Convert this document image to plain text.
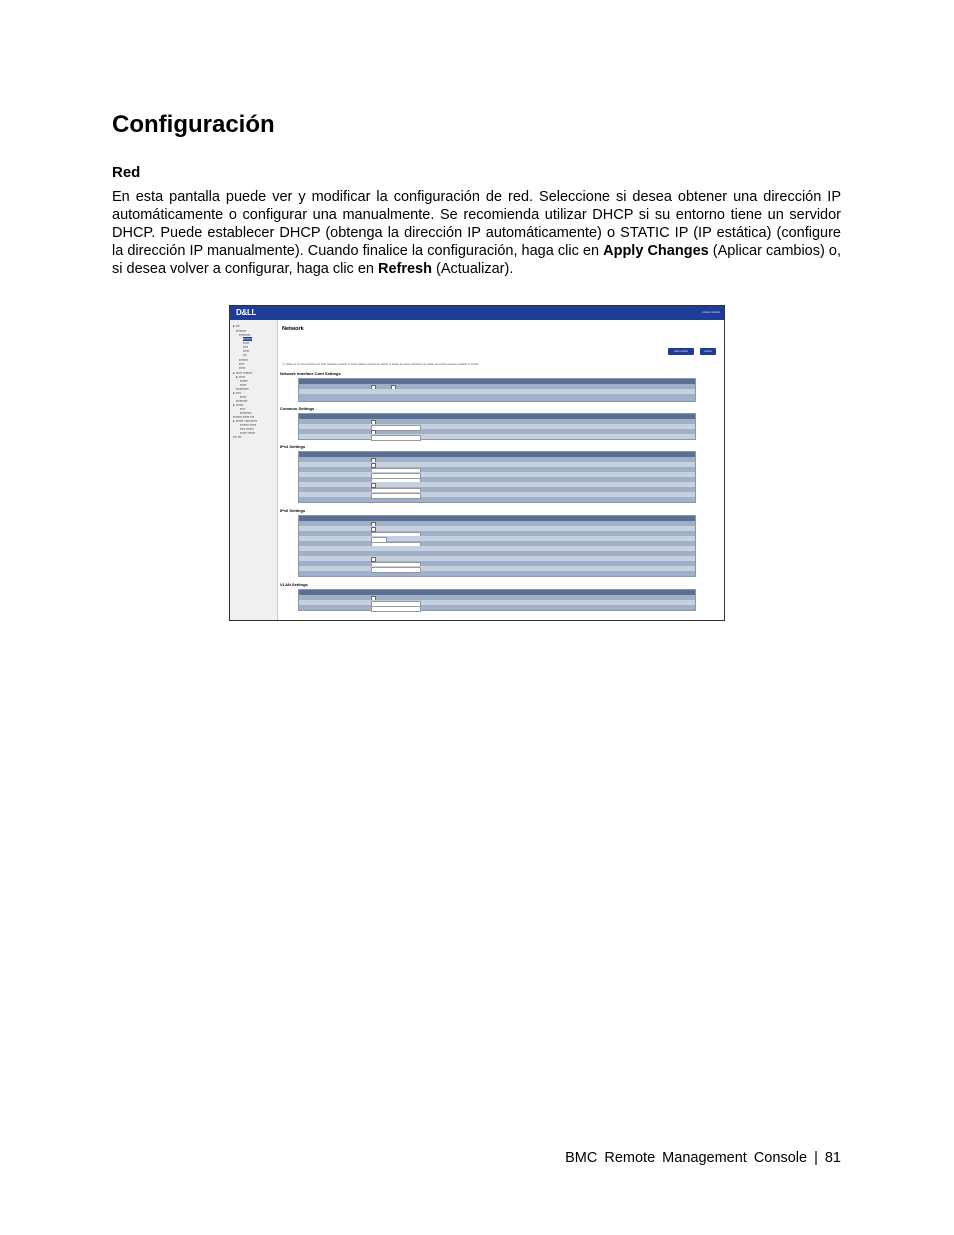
Configuración
Red

En esta pantalla puede ver y modificar la configuración de red. Seleccione si desea obtener una dirección IP automáticamente o configurar una manualmente. Se recomienda utilizar DHCP si su entorno tiene un servidor DHCP. Puede establecer DHCP (obtenga la dirección IP automáticamente) o STATIC IP (IP estática) (configure la dirección IP manualmente). Cuando finalice la configuración, haga clic en Apply Changes (Aplicar cambios) o, si desea volver a configurar, haga clic en Refresh (Actualizar).

D&LL	▪▪▪▪▪▪▪▪ ▪▪▪▪▪▪▪▪
▸ ▪▪▪
▪▪▪▪▪▪▪▪
▪▪▪▪▪▪▪▪▪
▪▪▪▪▪▪▪
▪▪▪▪▪
▪▪▪▪
▪▪▪▪▪
▪▪▪
▪▪▪▪▪▪▪
▪▪▪▪
▪▪▪▪▪
▸ ▪▪▪▪▪ ▪▪▪▪▪▪▪
▸ ▪▪▪▪▪
▪▪▪▪▪▪
▪▪▪▪▪
▪▪▪▪▪▪▪▪▪▪
▸ ▪▪▪▪
▪▪▪▪▪
▪▪▪▪▪▪▪▪▪
▸ ▪▪▪▪▪▪
▪▪▪▪
▪▪▪▪▪▪▪▪▪
▪▪▪▪▪▪▪ ▪▪▪▪▪ ▪▪▪
▸ ▪▪▪▪▪▪ ▪▪▪▪▪▪▪▪▪▪
▪▪▪▪▪▪▪ ▪▪▪▪▪
▪▪▪▪ ▪▪▪▪▪▪
▪▪▪▪▪ ▪▪▪▪▪▪
▪▪▪ ▪▪▪
Network
▪▪▪▪▪ ▪▪▪▪▪▪▪	▪▪▪▪▪▪▪
ⓘ ▪▪▪▪▪▪▪ ▪▪ ▪▪▪ ▪▪▪▪ ▪▪▪▪▪▪▪▪ ▪▪▪▪ ▪▪▪▪▪ ▪▪▪▪▪▪▪▪▪▪ ▪▪▪▪▪▪▪▪ ▪▪ ▪▪▪▪▪▪ ▪▪▪▪▪▪▪▪ ▪▪▪▪▪▪▪▪ ▪▪▪ ▪▪▪▪▪▪▪ ▪▪ ▪▪▪▪▪▪▪ ▪▪▪ ▪▪▪▪▪▪ ▪▪▪▪▪▪▪▪▪▪ ▪▪▪ ▪▪▪▪▪▪▪ ▪▪▪ ▪▪▪▪▪▪▪ ▪▪▪▪▪▪▪▪▪ ▪▪▪▪▪▪▪▪▪ ▪▪ ▪▪▪▪▪▪▪
Network Interface Card Settings
Common Settings
IPv4 Settings
IPv6 Settings
VLAN Settings
BMC Remote Management Console | 81
